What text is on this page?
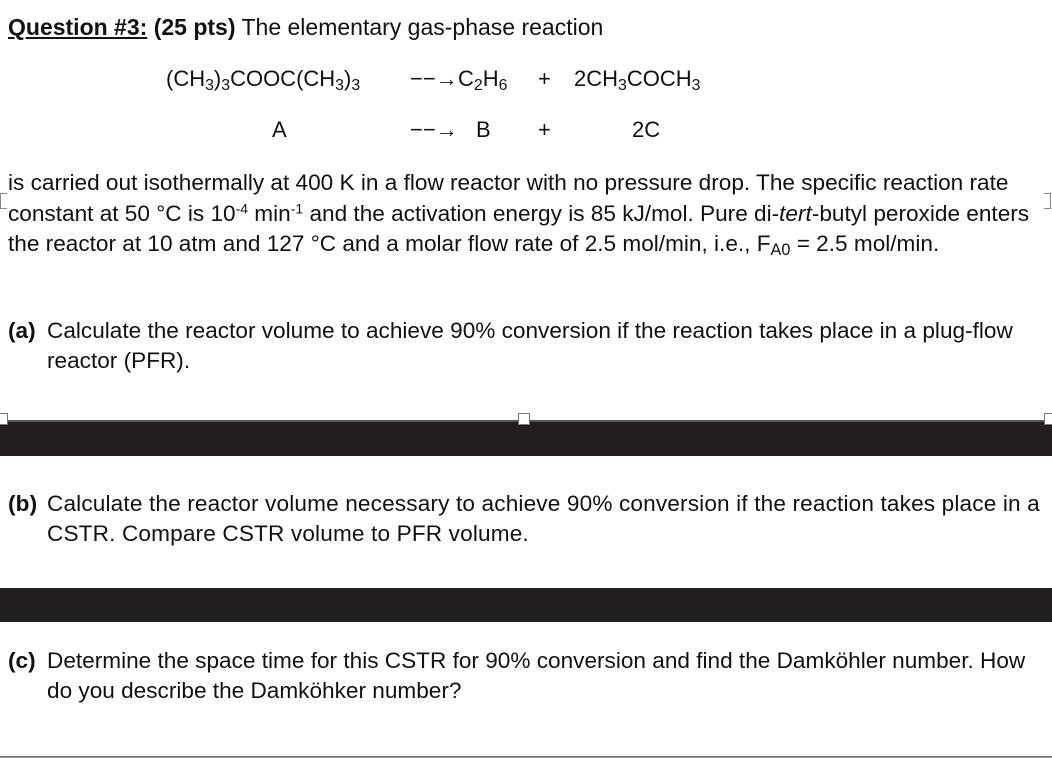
Question #3: (25 pts) The elementary gas-phase reaction
$(CH_3)_3COOC(CH_3)_3$ −−→ $C_2H_6$ + $2CH_3COCH_3$
A	−−→ B +	2C
is carried out isothermally at 400 K in a flow reactor with no pressure drop. The specific reaction rate constant at 50 °C is $10^{-4}$ $\min^{-1}$ and the activation energy is 85 kJ/mol. Pure di-tert-butyl peroxide enters the reactor at 10 atm and 127 °C and a molar flow rate of 2.5 mol/min, i.e., $F_{A0} = 2.5$ mol/min.
(a) Calculate the reactor volume to achieve 90% conversion if the reaction takes place in a plug-flow reactor (PFR).
(b) Calculate the reactor volume necessary to achieve 90% conversion if the reaction takes place in a CSTR. Compare CSTR volume to PFR volume.
(c) Determine the space time for this CSTR for 90% conversion and find the Damköhler number. How do you describe the Damköhker number?
